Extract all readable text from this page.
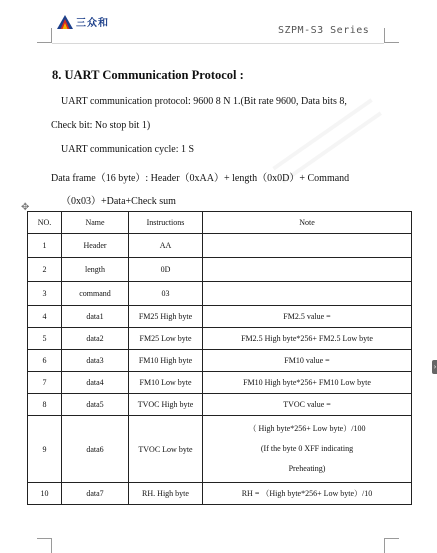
三众和
SZPM-S3 Series
8. UART Communication Protocol :
UART communication protocol: 9600 8 N 1.(Bit rate 9600, Data bits 8,
Check bit: No stop bit 1)
UART communication cycle: 1 S
Data frame（16 byte）: Header（0xAA）+ length（0x0D）+ Command
（0x03）+Data+Check sum
✥
›
NO.	Name	Instructions	Note
1	Header	AA	
2	length	0D	
3	command	03	
4	data1	FM25 High byte	FM2.5 value =
5	data2	FM25 Low byte	FM2.5 High byte*256+ FM2.5 Low byte
6	data3	FM10 High byte	FM10 value =
7	data4	FM10 Low byte	FM10 High byte*256+ FM10 Low byte
8	data5	TVOC High byte	TVOC value =
9	data6	TVOC Low byte	（ High byte*256+ Low byte）/100
(If the byte 0 XFF indicating
Preheating)

10	data7	RH. High byte	RH = （High byte*256+ Low byte）/10
